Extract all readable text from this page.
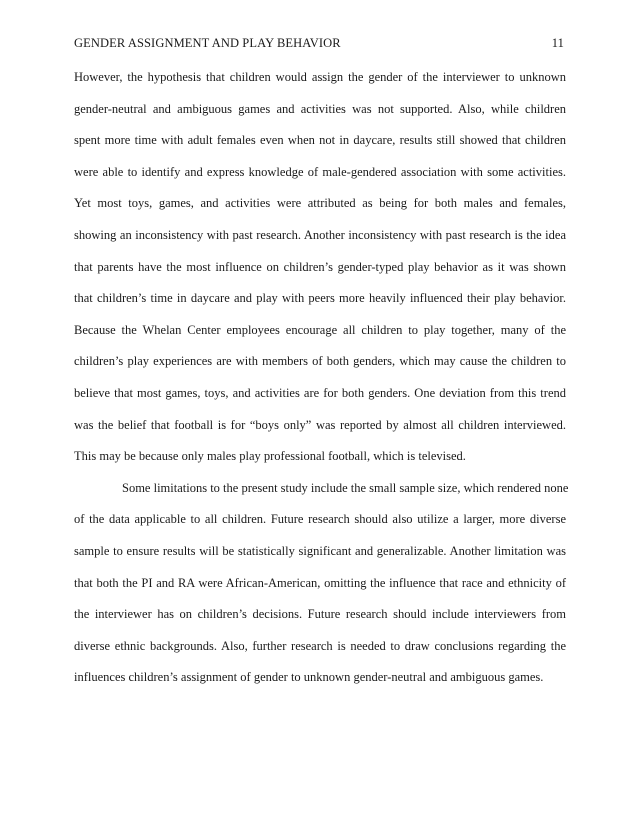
GENDER ASSIGNMENT AND PLAY BEHAVIOR	11
However, the hypothesis that children would assign the gender of the interviewer to unknown
gender-neutral and ambiguous games and activities was not supported. Also, while children
spent more time with adult females even when not in daycare, results still showed that children
were able to identify and express knowledge of male-gendered association with some activities.
Yet most toys, games, and activities were attributed as being for both males and females,
showing an inconsistency with past research. Another inconsistency with past research is the idea
that parents have the most influence on children’s gender-typed play behavior as it was shown
that children’s time in daycare and play with peers more heavily influenced their play behavior.
Because the Whelan Center employees encourage all children to play together, many of the
children’s play experiences are with members of both genders, which may cause the children to
believe that most games, toys, and activities are for both genders. One deviation from this trend
was the belief that football is for “boys only” was reported by almost all children interviewed.
This may be because only males play professional football, which is televised.
Some limitations to the present study include the small sample size, which rendered none
of the data applicable to all children. Future research should also utilize a larger, more diverse
sample to ensure results will be statistically significant and generalizable. Another limitation was
that both the PI and RA were African-American, omitting the influence that race and ethnicity of
the interviewer has on children’s decisions. Future research should include interviewers from
diverse ethnic backgrounds. Also, further research is needed to draw conclusions regarding the
influences children’s assignment of gender to unknown gender-neutral and ambiguous games.
